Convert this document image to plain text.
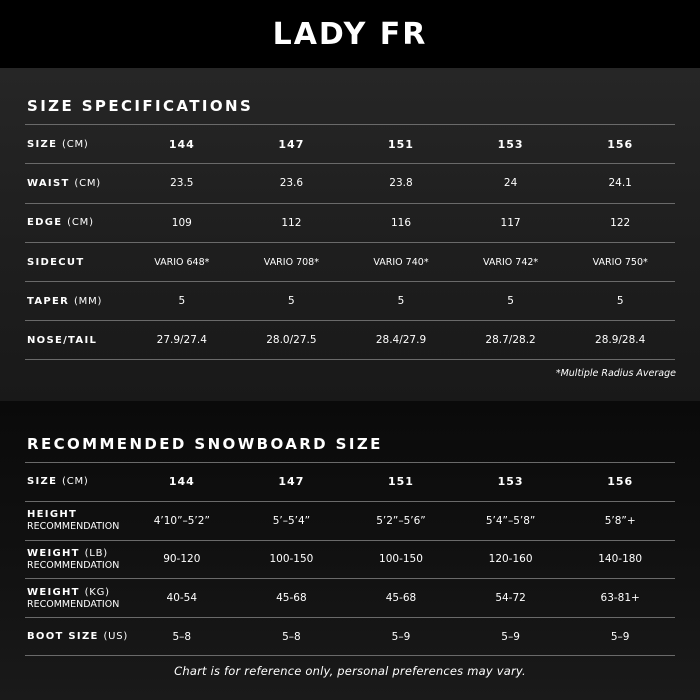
LADY FR
SIZE SPECIFICATIONS
SIZE (CM)	144	147	151	153	156
WAIST (CM)	23.5	23.6	23.8	24	24.1
EDGE (CM)	109	112	116	117	122
SIDECUT	VARIO 648*	VARIO 708*	VARIO 740*	VARIO 742*	VARIO 750*
TAPER (MM)	5	5	5	5	5
NOSE/TAIL	27.9/27.4	28.0/27.5	28.4/27.9	28.7/28.2	28.9/28.4
*Multiple Radius Average
RECOMMENDED SNOWBOARD SIZE
SIZE (CM)	144	147	151	153	156
HEIGHT
RECOMMENDATION	4’10”–5’2”	5’–5’4”	5’2”–5’6”	5’4”–5’8”	5’8”+
WEIGHT (LB)
RECOMMENDATION	90-120	100-150	100-150	120-160	140-180
WEIGHT (KG)
RECOMMENDATION	40-54	45-68	45-68	54-72	63-81+
BOOT SIZE (US)	5–8	5–8	5–9	5–9	5–9
Chart is for reference only, personal preferences may vary.
